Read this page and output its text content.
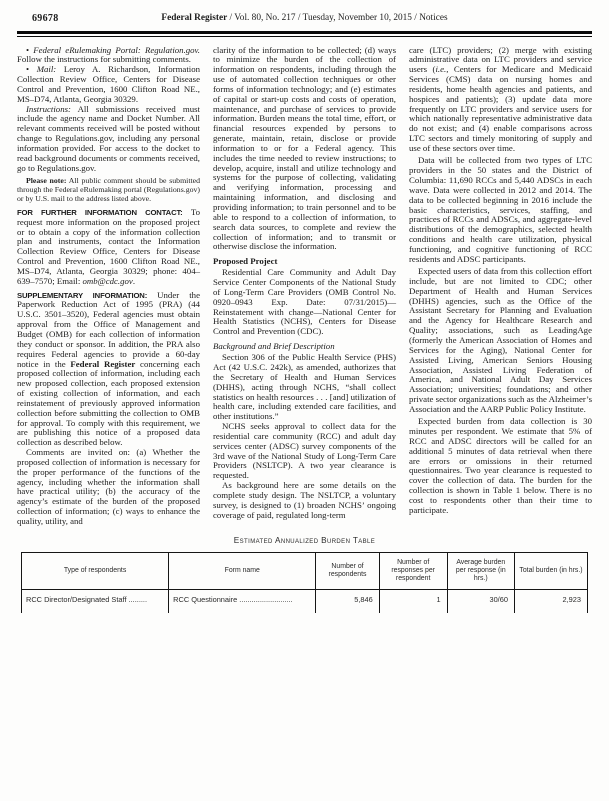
69678	Federal Register / Vol. 80, No. 217 / Tuesday, November 10, 2015 / Notices

• Federal eRulemaking Portal: Regulation.gov. Follow the instructions for submitting comments.

• Mail: Leroy A. Richardson, Information Collection Review Office, Centers for Disease Control and Prevention, 1600 Clifton Road NE., MS–D74, Atlanta, Georgia 30329.

Instructions: All submissions received must include the agency name and Docket Number. All relevant comments received will be posted without change to Regulations.gov, including any personal information provided. For access to the docket to read background documents or comments received, go to Regulations.gov.

Please note: All public comment should be submitted through the Federal eRulemaking portal (Regulations.gov) or by U.S. mail to the address listed above.

FOR FURTHER INFORMATION CONTACT: To request more information on the proposed project or to obtain a copy of the information collection plan and instruments, contact the Information Collection Review Office, Centers for Disease Control and Prevention, 1600 Clifton Road NE., MS–D74, Atlanta, Georgia 30329; phone: 404–639–7570; Email: omb@cdc.gov.

SUPPLEMENTARY INFORMATION: Under the Paperwork Reduction Act of 1995 (PRA) (44 U.S.C. 3501–3520), Federal agencies must obtain approval from the Office of Management and Budget (OMB) for each collection of information they conduct or sponsor. In addition, the PRA also requires Federal agencies to provide a 60-day notice in the Federal Register concerning each proposed collection of information, including each new proposed collection, each proposed extension of existing collection of information, and each reinstatement of previously approved information collection before submitting the collection to OMB for approval. To comply with this requirement, we are publishing this notice of a proposed data collection as described below.

Comments are invited on: (a) Whether the proposed collection of information is necessary for the proper performance of the functions of the agency, including whether the information shall have practical utility; (b) the accuracy of the agency’s estimate of the burden of the proposed collection of information; (c) ways to enhance the quality, utility, and

clarity of the information to be collected; (d) ways to minimize the burden of the collection of information on respondents, including through the use of automated collection techniques or other forms of information technology; and (e) estimates of capital or start-up costs and costs of operation, maintenance, and purchase of services to provide information. Burden means the total time, effort, or financial resources expended by persons to generate, maintain, retain, disclose or provide information to or for a Federal agency. This includes the time needed to review instructions; to develop, acquire, install and utilize technology and systems for the purpose of collecting, validating and verifying information, processing and maintaining information, and disclosing and providing information; to train personnel and to be able to respond to a collection of information, to search data sources, to complete and review the collection of information; and to transmit or otherwise disclose the information.

Proposed Project

Residential Care Community and Adult Day Service Center Components of the National Study of Long-Term Care Providers (OMB Control No. 0920–0943 Exp. Date: 07/31/2015)—Reinstatement with change—National Center for Health Statistics (NCHS), Centers for Disease Control and Prevention (CDC).

Background and Brief Description

Section 306 of the Public Health Service (PHS) Act (42 U.S.C. 242k), as amended, authorizes that the Secretary of Health and Human Services (DHHS), acting through NCHS, “shall collect statistics on health resources . . . [and] utilization of health care, including extended care facilities, and other institutions.”

NCHS seeks approval to collect data for the residential care community (RCC) and adult day services center (ADSC) survey components of the 3rd wave of the National Study of Long-Term Care Providers (NSLTCP). A two year clearance is requested.

As background here are some details on the complete study design. The NSLTCP, a voluntary survey, is designed to (1) broaden NCHS’ ongoing coverage of paid, regulated long-term

care (LTC) providers; (2) merge with existing administrative data on LTC providers and service users (i.e., Centers for Medicare and Medicaid Services (CMS) data on nursing homes and residents, home health agencies and patients, and hospices and patients); (3) update data more frequently on LTC providers and service users for which nationally representative administrative data do not exist; and (4) enable comparisons across LTC sectors and timely monitoring of supply and use of these sectors over time.

Data will be collected from two types of LTC providers in the 50 states and the District of Columbia: 11,690 RCCs and 5,440 ADSCs in each wave. Data were collected in 2012 and 2014. The data to be collected beginning in 2016 include the basic characteristics, services, staffing, and practices of RCCs and ADSCs, and aggregate-level distributions of the demographics, selected health conditions and health care utilization, physical functioning, and cognitive functioning of RCC residents and ADSC participants.

Expected users of data from this collection effort include, but are not limited to CDC; other Department of Health and Human Services (DHHS) agencies, such as the Office of the Assistant Secretary for Planning and Evaluation and the Agency for Healthcare Research and Quality; associations, such as LeadingAge (formerly the American Association of Homes and Services for the Aging), National Center for Assisted Living, American Seniors Housing Association, Assisted Living Federation of America, and National Adult Day Services Association; universities; foundations; and other private sector organizations such as the Alzheimer’s Association and the AARP Public Policy Institute.

Expected burden from data collection is 30 minutes per respondent. We estimate that 5% of RCC and ADSC directors will be called for an additional 5 minutes of data retrieval when there are errors or omissions in their returned questionnaires. Two year clearance is requested to cover the collection of data. The burden for the collection is shown in Table 1 below. There is no cost to respondents other than their time to participate.

Estimated Annualized Burden Table
Type of respondents	Form name	Number of respondents	Number of responses per respondent	Average burden per response (in hrs.)	Total burden (in hrs.)
RCC Director/Designated Staff .........	RCC Questionnaire ..........................	5,846	1	30/60	2,923
